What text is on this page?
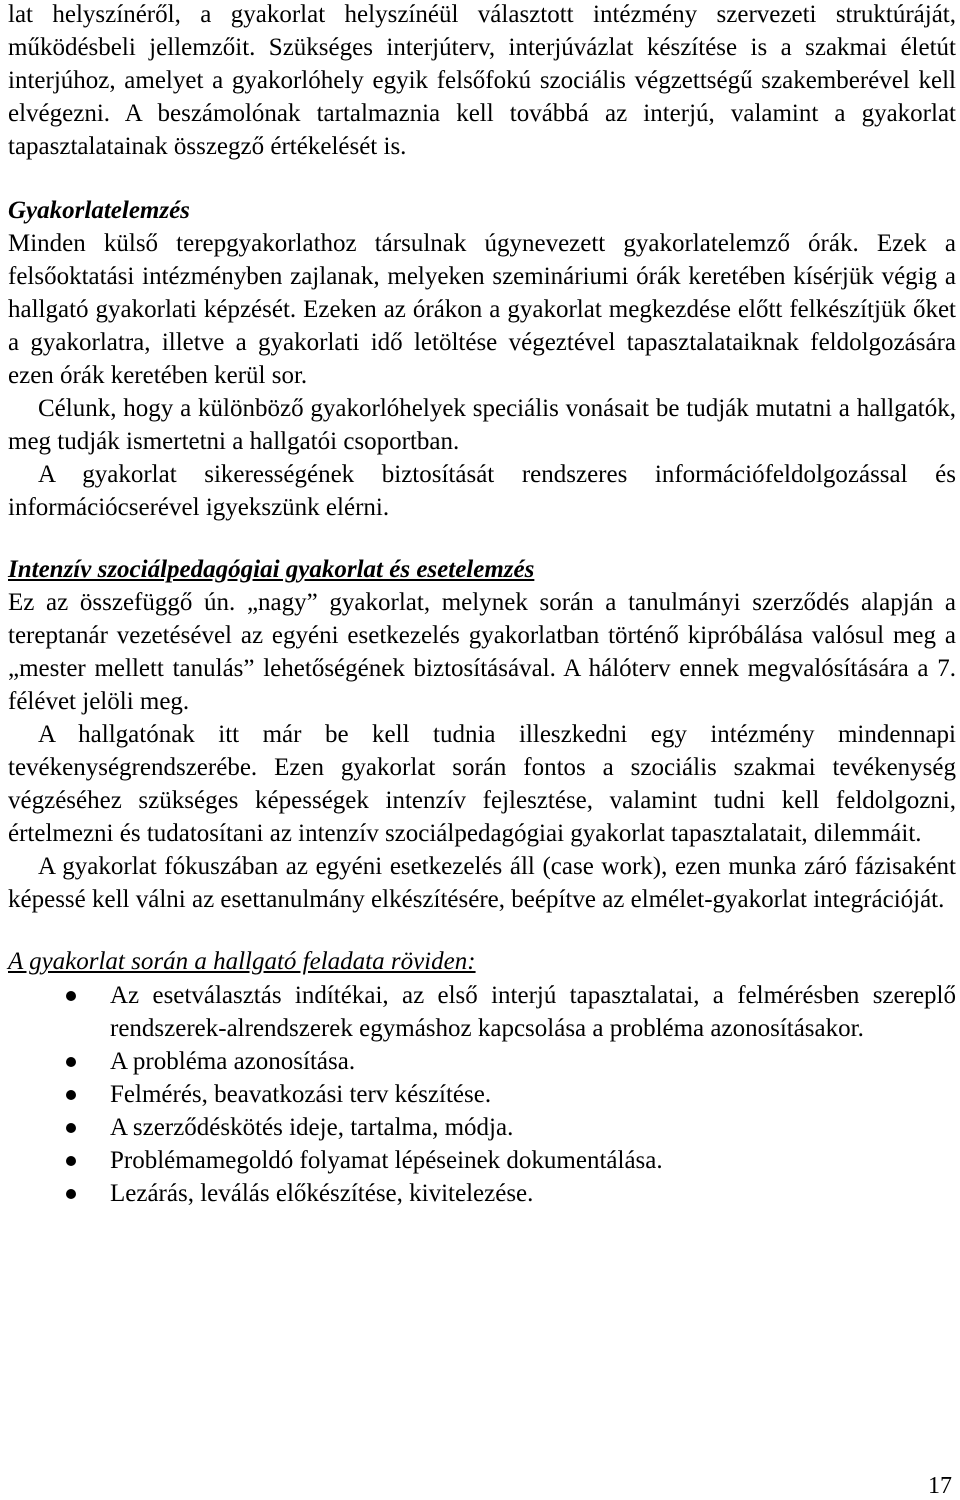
lat helyszínéről, a gyakorlat helyszínéül választott intézmény szervezeti struktúráját, működésbeli jellemzőit. Szükséges interjúterv, interjúvázlat készítése is a szakmai életút interjúhoz, amelyet a gyakorlóhely egyik felsőfokú szociális végzettségű szakemberével kell elvégezni. A beszámolónak tartalmaznia kell továbbá az interjú, valamint a gyakorlat tapasztalatainak összegző értékelését is.

Gyakorlatelemzés

Minden külső terepgyakorlathoz társulnak úgynevezett gyakorlatelemző órák. Ezek a felsőoktatási intézményben zajlanak, melyeken szemináriumi órák keretében kísérjük végig a hallgató gyakorlati képzését. Ezeken az órákon a gyakorlat megkezdése előtt felkészítjük őket a gyakorlatra, illetve a gyakorlati idő letöltése végeztével tapasztalataiknak feldolgozására ezen órák keretében kerül sor.

Célunk, hogy a különböző gyakorlóhelyek speciális vonásait be tudják mutatni a hallgatók, meg tudják ismertetni a hallgatói csoportban.

A gyakorlat sikerességének biztosítását rendszeres információfeldolgozással és információcserével igyekszünk elérni.

Intenzív szociálpedagógiai gyakorlat és esetelemzés

Ez az összefüggő ún. „nagy” gyakorlat, melynek során a tanulmányi szerződés alapján a tereptanár vezetésével az egyéni esetkezelés gyakorlatban történő kipróbálása valósul meg a „mester mellett tanulás” lehetőségének biztosításával. A hálóterv ennek megvalósítására a 7. félévet jelöli meg.

A hallgatónak itt már be kell tudnia illeszkedni egy intézmény mindennapi tevékenységrendszerébe. Ezen gyakorlat során fontos a szociális szakmai tevékenység végzéséhez szükséges képességek intenzív fejlesztése, valamint tudni kell feldolgozni, értelmezni és tudatosítani az intenzív szociálpedagógiai gyakorlat tapasztalatait, dilemmáit.

A gyakorlat fókuszában az egyéni esetkezelés áll (case work), ezen munka záró fázisaként képessé kell válni az esettanulmány elkészítésére, beépítve az elmélet-gyakorlat integrációját.

A gyakorlat során a hallgató feladata röviden:
Az esetválasztás indítékai, az első interjú tapasztalatai, a felmérésben szereplő rendszerek-alrendszerek egymáshoz kapcsolása a probléma azonosításakor.
A probléma azonosítása.
Felmérés, beavatkozási terv készítése.
A szerződéskötés ideje, tartalma, módja.
Problémamegoldó folyamat lépéseinek dokumentálása.
Lezárás, leválás előkészítése, kivitelezése.
17
